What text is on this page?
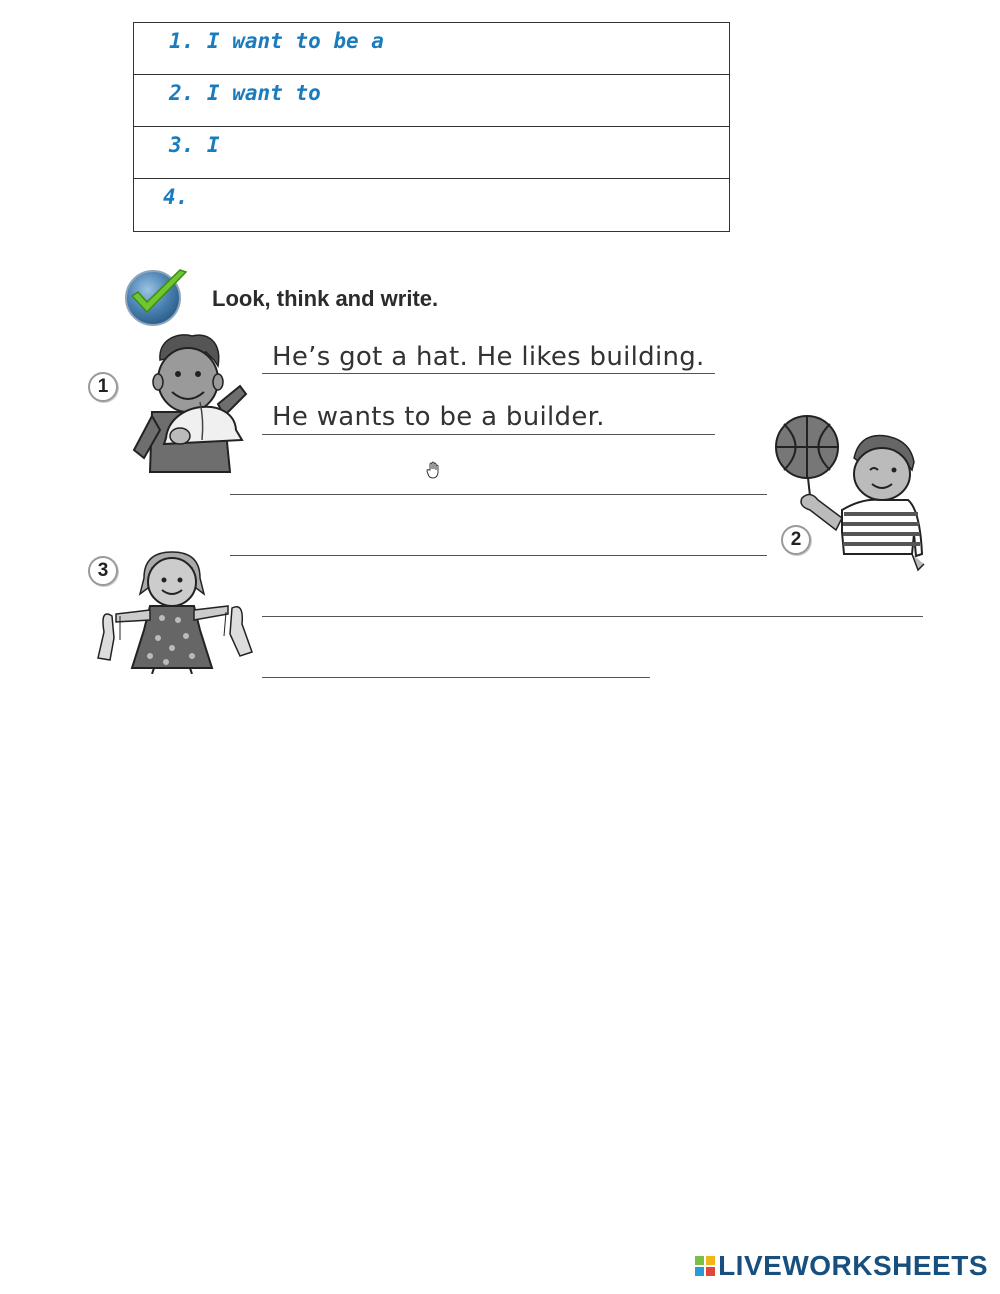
1. I want to be a
2. I want to
3. I
4.
Look, think and write.
1
He’s got a hat. He likes building.
He wants to be a builder.
2
3
LIVEWORKSHEETS
